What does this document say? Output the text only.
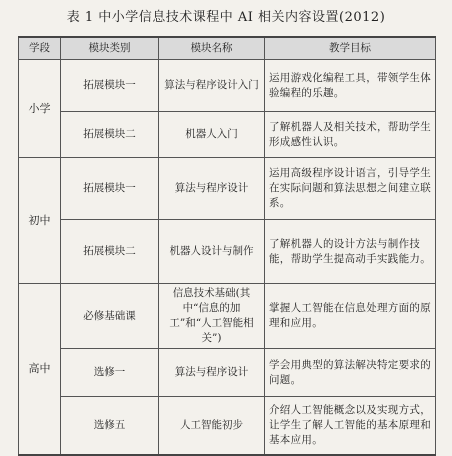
表 1 中小学信息技术课程中 AI 相关内容设置(2012)
学段	模块类别	模块名称	教学目标
小学	拓展模块一	算法与程序设计入门	运用游戏化编程工具，带领学生体验编程的乐趣。
	拓展模块二	机器人入门	了解机器人及相关技术，帮助学生形成感性认识。
初中	拓展模块一	算法与程序设计	运用高级程序设计语言，引导学生在实际问题和算法思想之间建立联系。
	拓展模块二	机器人设计与制作	了解机器人的设计方法与制作技能，帮助学生提高动手实践能力。
高中	必修基础课	信息技术基础(其中“信息的加工”和“人工智能相关”)	掌握人工智能在信息处理方面的原理和应用。
	选修一	算法与程序设计	学会用典型的算法解决特定要求的问题。
	选修五	人工智能初步	介绍人工智能概念以及实现方式，让学生了解人工智能的基本原理和基本应用。
